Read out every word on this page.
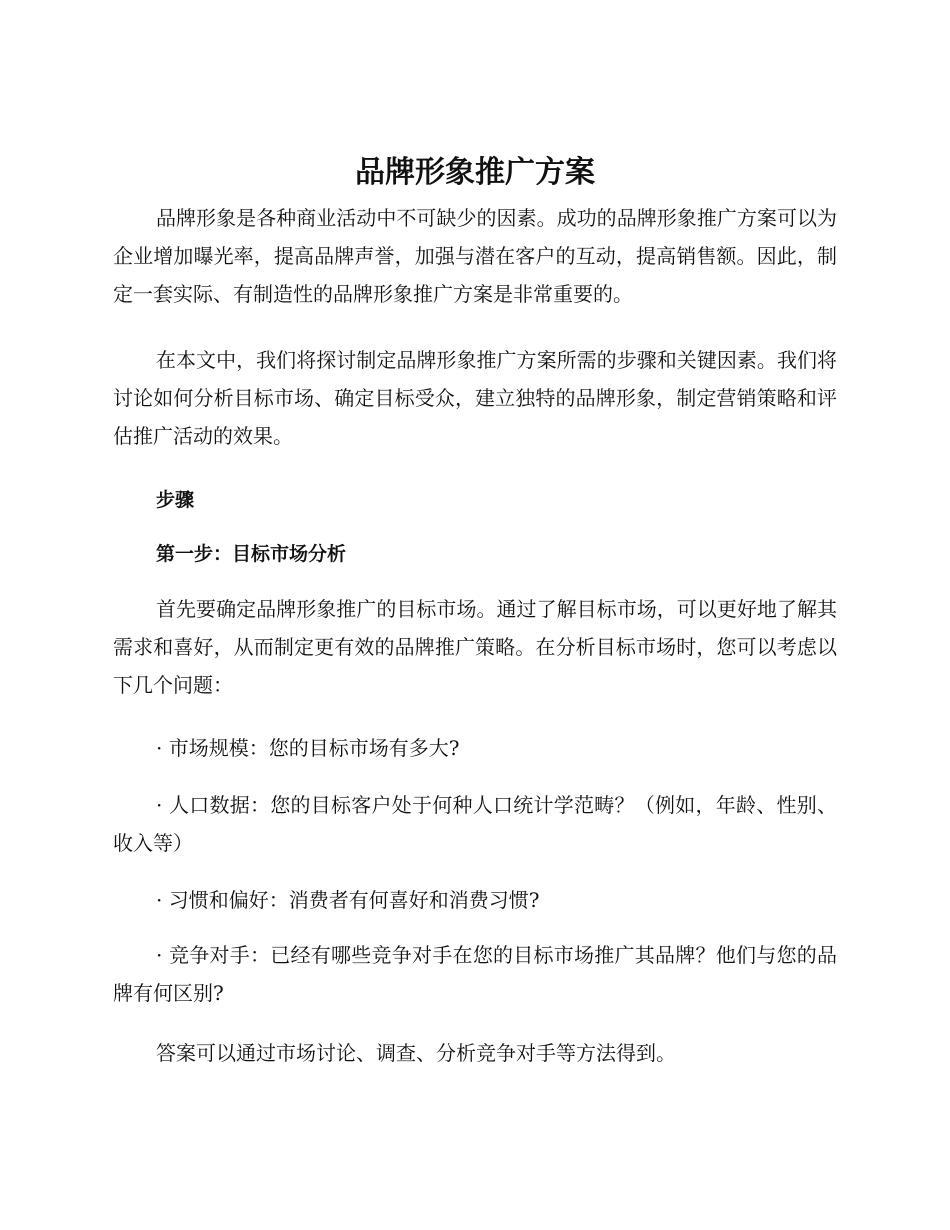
品牌形象推广方案

品牌形象是各种商业活动中不可缺少的因素。成功的品牌形象推广方案可以为企业增加曝光率，提高品牌声誉，加强与潜在客户的互动，提高销售额。因此，制定一套实际、有制造性的品牌形象推广方案是非常重要的。

在本文中，我们将探讨制定品牌形象推广方案所需的步骤和关键因素。我们将讨论如何分析目标市场、确定目标受众，建立独特的品牌形象，制定营销策略和评估推广活动的效果。

步骤
第一步：目标市场分析

首先要确定品牌形象推广的目标市场。通过了解目标市场，可以更好地了解其需求和喜好，从而制定更有效的品牌推广策略。在分析目标市场时，您可以考虑以下几个问题：

· 市场规模：您的目标市场有多大?

· 人口数据：您的目标客户处于何种人口统计学范畴？（例如，年龄、性别、收入等）

· 习惯和偏好：消费者有何喜好和消费习惯?

· 竞争对手：已经有哪些竞争对手在您的目标市场推广其品牌？他们与您的品牌有何区别?

答案可以通过市场讨论、调查、分析竞争对手等方法得到。
